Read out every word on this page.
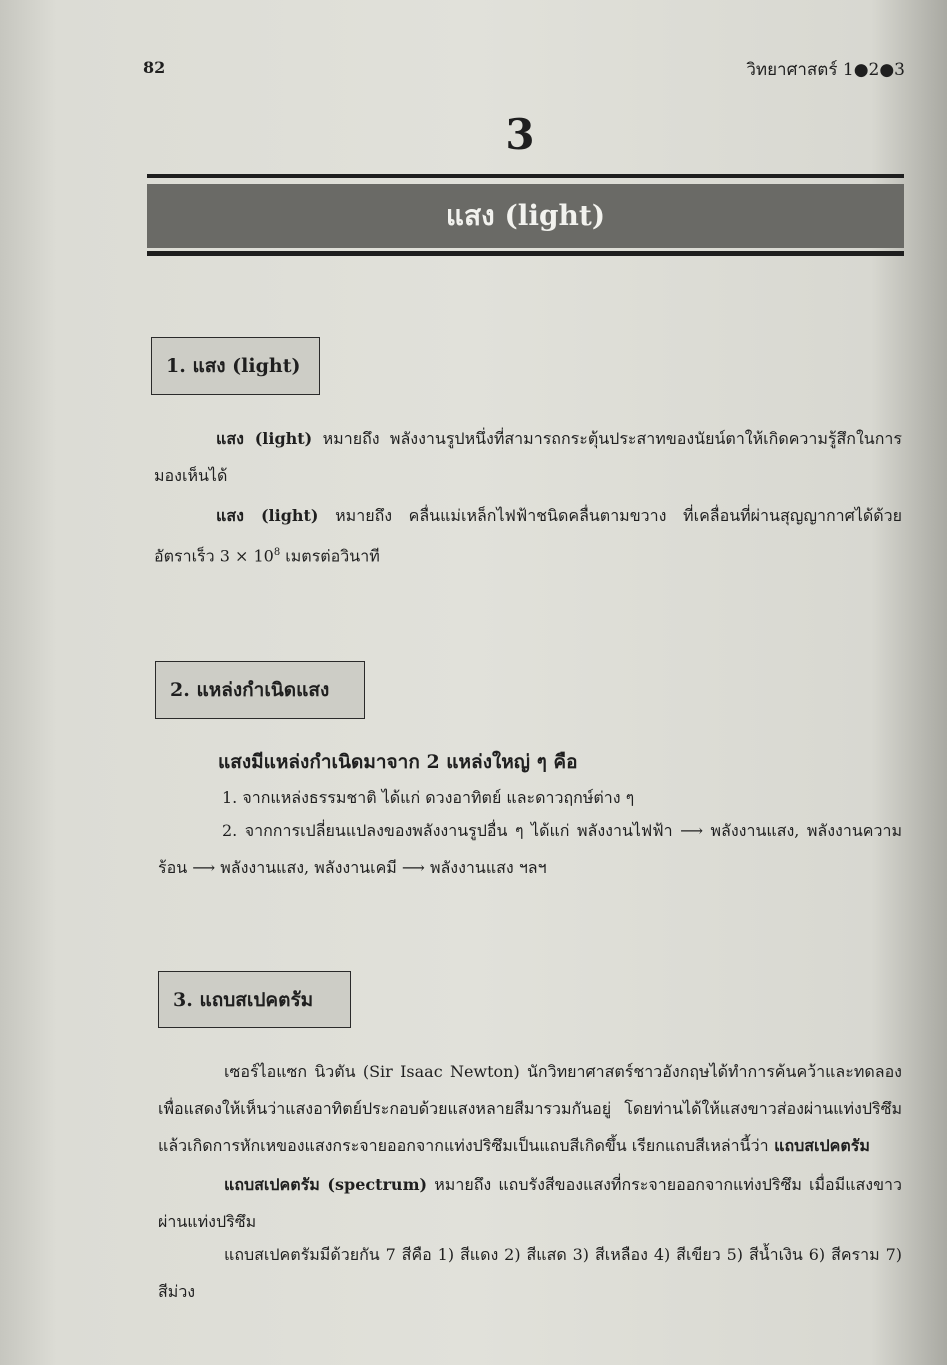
82	วิทยาศาสตร์ 1●2●3
3
แสง (light)
1. แสง (light)
แสง (light) หมายถึง พลังงานรูปหนึ่งที่สามารถกระตุ้นประสาทของนัยน์ตาให้เกิดความรู้สึกในการมองเห็นได้
แสง (light) หมายถึง คลื่นแม่เหล็กไฟฟ้าชนิดคลื่นตามขวาง ที่เคลื่อนที่ผ่านสุญญากาศได้ด้วยอัตราเร็ว $3 \times 10^8$ เมตรต่อวินาที
2. แหล่งกำเนิดแสง
แสงมีแหล่งกำเนิดมาจาก 2 แหล่งใหญ่ ๆ คือ
1. จากแหล่งธรรมชาติ ได้แก่ ดวงอาทิตย์ และดาวฤกษ์ต่าง ๆ
2. จากการเปลี่ยนแปลงของพลังงานรูปอื่น ๆ ได้แก่ พลังงานไฟฟ้า ⟶ พลังงานแสง, พลังงานความร้อน ⟶ พลังงานแสง, พลังงานเคมี ⟶ พลังงานแสง ฯลฯ
3. แถบสเปคตรัม
เซอร์ไอแซก นิวตัน (Sir Isaac Newton) นักวิทยาศาสตร์ชาวอังกฤษได้ทำการค้นคว้าและทดลองเพื่อแสดงให้เห็นว่าแสงอาทิตย์ประกอบด้วยแสงหลายสีมารวมกันอยู่ โดยท่านได้ให้แสงขาวส่องผ่านแท่งปริซึม แล้วเกิดการหักเหของแสงกระจายออกจากแท่งปริซึมเป็นแถบสีเกิดขึ้น เรียกแถบสีเหล่านี้ว่า แถบสเปคตรัม
แถบสเปคตรัม (spectrum) หมายถึง แถบรังสีของแสงที่กระจายออกจากแท่งปริซึม เมื่อมีแสงขาวผ่านแท่งปริซึม
แถบสเปคตรัมมีด้วยกัน 7 สีคือ 1) สีแดง 2) สีแสด 3) สีเหลือง 4) สีเขียว 5) สีน้ำเงิน 6) สีคราม 7) สีม่วง
